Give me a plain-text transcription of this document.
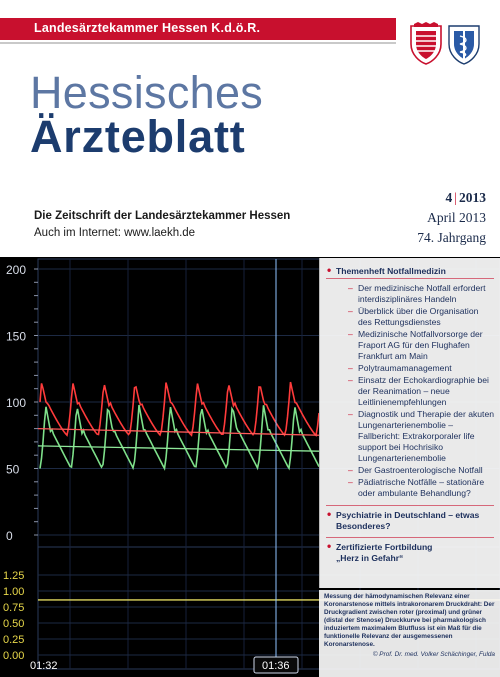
Landesärztekammer Hessen K.d.ö.R.
Hessisches
Ärzteblatt
Die Zeitschrift der Landesärztekammer Hessen
Auch im Internet: www.laekh.de
4 | 2013
April 2013
74. Jahrgang
200
150
100
50
0
1.25
1.00
0.75
0.50
0.25
0.00
01:36
01:32
• Themenheft Notfallmedizin
– Der medizinische Notfall erfordert interdisziplinäres Handeln
– Überblick über die Organisation des Rettungsdienstes
– Medizinische Notfallvorsorge der Fraport AG für den Flughafen Frankfurt am Main
– Polytraumamanagement
– Einsatz der Echokardiographie bei der Reanimation – neue Leitlinienempfehlungen
– Diagnostik und Therapie der akuten Lungenarterienembolie – Fallbericht: Extrakorporaler life support bei Hochrisiko Lungenarterienembolie
– Der Gastroenterologische Notfall
– Pädiatrische Notfälle – stationäre oder ambulante Behandlung?
• Psychiatrie in Deutschland – etwas Besonderes?
• Zertifizierte Fortbildung
„Herz in Gefahr“
Messung der hämodynamischen Relevanz einer Koronarstenose mittels intrakoronarem Druckdraht: Der Druckgradient zwischen roter (proximal) und grüner (distal der Stenose) Druckkurve bei pharmakologisch induziertem maximalem Blutfluss ist ein Maß für die funktionelle Relevanz der ausgemessenen Koronarstenose.
© Prof. Dr. med. Volker Schächinger, Fulda
